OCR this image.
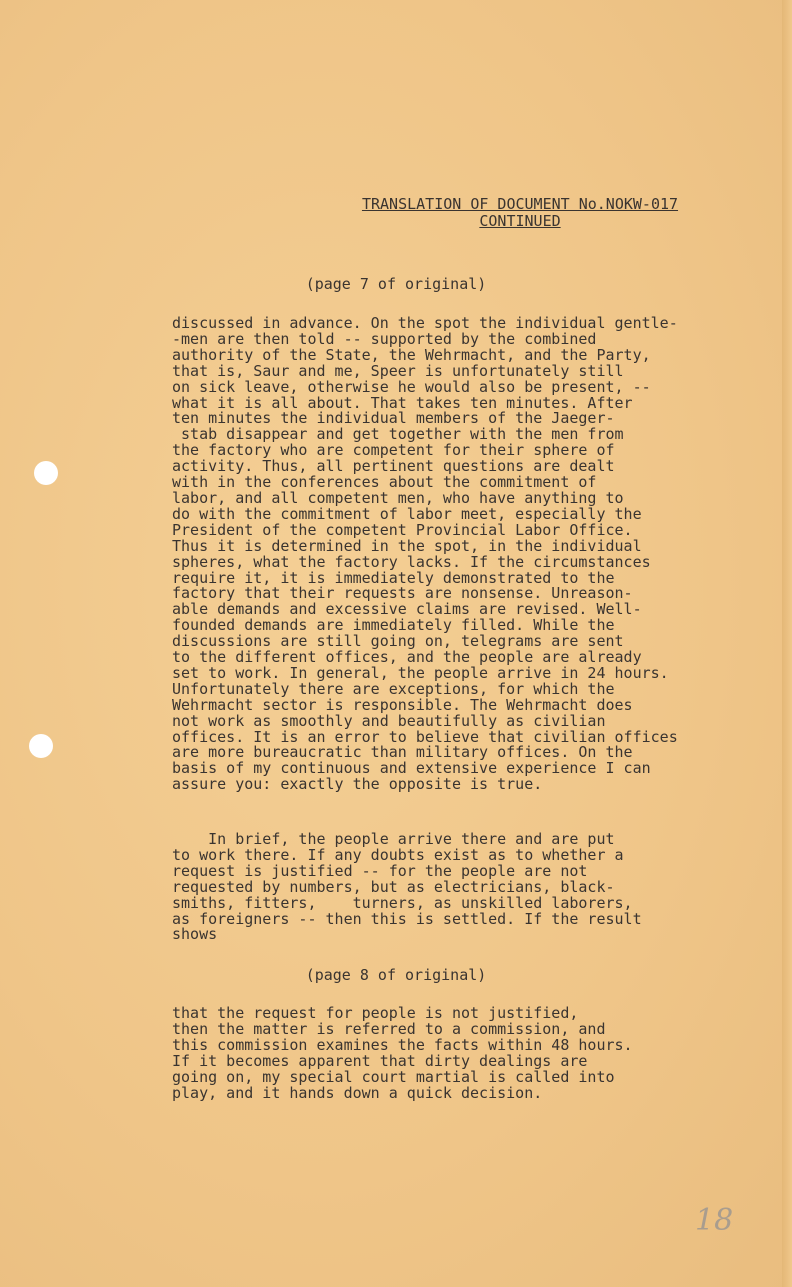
TRANSLATION OF DOCUMENT No.NOKW-017
CONTINUED
(page 7 of original)
discussed in advance. On the spot the individual gentle-
-men are then told -- supported by the combined
authority of the State, the Wehrmacht, and the Party,
that is, Saur and me, Speer is unfortunately still
on sick leave, otherwise he would also be present, --
what it is all about. That takes ten minutes. After
ten minutes the individual members of the Jaeger-
stab disappear and get together with the men from
the factory who are competent for their sphere of
activity. Thus, all pertinent questions are dealt
with in the conferences about the commitment of
labor, and all competent men, who have anything to
do with the commitment of labor meet, especially the
President of the competent Provincial Labor Office.
Thus it is determined in the spot, in the individual
spheres, what the factory lacks. If the circumstances
require it, it is immediately demonstrated to the
factory that their requests are nonsense. Unreason-
able demands and excessive claims are revised. Well-
founded demands are immediately filled. While the
discussions are still going on, telegrams are sent
to the different offices, and the people are already
set to work. In general, the people arrive in 24 hours.
Unfortunately there are exceptions, for which the
Wehrmacht sector is responsible. The Wehrmacht does
not work as smoothly and beautifully as civilian
offices. It is an error to believe that civilian offices
are more bureaucratic than military offices. On the
basis of my continuous and extensive experience I can
assure you: exactly the opposite is true.
In brief, the people arrive there and are put
to work there. If any doubts exist as to whether a
request is justified -- for the people are not
requested by numbers, but as electricians, black-
smiths, fitters,    turners, as unskilled laborers,
as foreigners -- then this is settled. If the result
shows
(page 8 of original)
that the request for people is not justified,
then the matter is referred to a commission, and
this commission examines the facts within 48 hours.
If it becomes apparent that dirty dealings are
going on, my special court martial is called into
play, and it hands down a quick decision.
18
